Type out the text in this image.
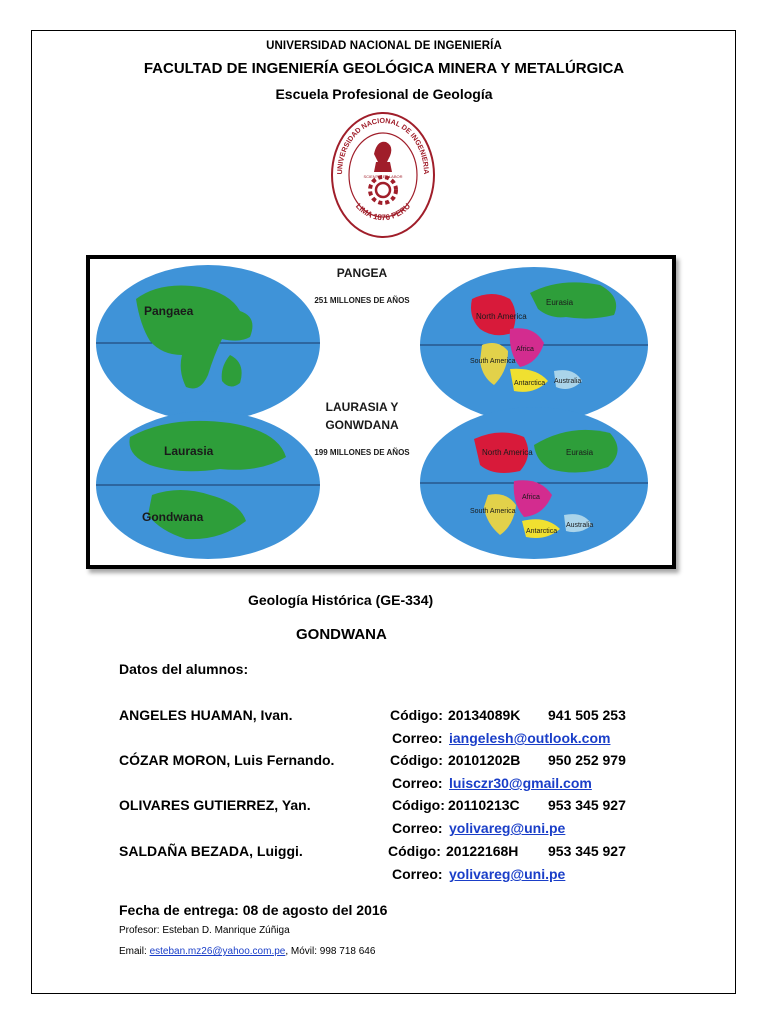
UNIVERSIDAD NACIONAL DE INGENIERÍA
FACULTAD DE INGENIERÍA GEOLÓGICA MINERA Y METALÚRGICA
Escuela Profesional de Geología
UNIVERSIDAD NACIONAL DE INGENIERIA
LIMA 1876 PERU
SCIENTIA ET LABOR
Pangaea	North America
Eurasia
South America
Africa
Antarctica Australia
Laurasia
Gondwana
North America	Eurasia
South America
Africa
Antarctica
Australia
PANGEA
251 MILLONES DE AÑOS
LAURASIA Y
GONWDANA
199 MILLONES DE AÑOS
Geología Histórica (GE-334)
GONDWANA
Datos del alumnos:
ANGELES HUAMAN, Ivan.	Código: 20134089K 941 505 253
Correo: iangelesh@outlook.com
CÓZAR MORON, Luis Fernando.	Código: 20101202B 950 252 979
Correo: luisczr30@gmail.com
OLIVARES GUTIERREZ, Yan.	Código: 20110213C 953 345 927
Correo: yolivareg@uni.pe
SALDAÑA BEZADA, Luiggi.	Código: 20122168H 953 345 927
Correo: yolivareg@uni.pe
Fecha de entrega: 08 de agosto del 2016
Profesor: Esteban D. Manrique Zúñiga
Email: esteban.mz26@yahoo.com.pe, Móvil: 998 718 646
